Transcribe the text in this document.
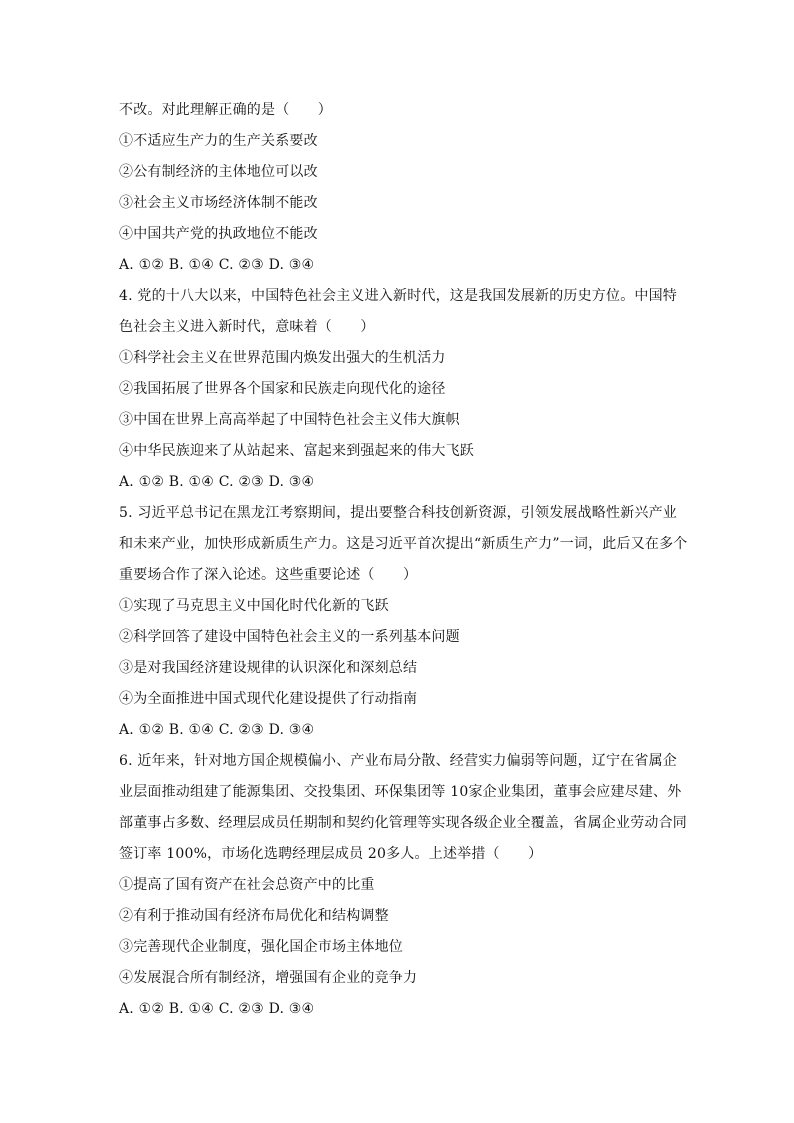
不改。对此理解正确的是（　　）

①不适应生产力的生产关系要改

②公有制经济的主体地位可以改

③社会主义市场经济体制不能改

④中国共产党的执政地位不能改

A. ①② B. ①④ C. ②③ D. ③④

4. 党的十八大以来，中国特色社会主义进入新时代，这是我国发展新的历史方位。中国特

色社会主义进入新时代，意味着（　　）

①科学社会主义在世界范围内焕发出强大的生机活力

②我国拓展了世界各个国家和民族走向现代化的途径

③中国在世界上高高举起了中国特色社会主义伟大旗帜

④中华民族迎来了从站起来、富起来到强起来的伟大飞跃

A. ①② B. ①④ C. ②③ D. ③④

5. 习近平总书记在黑龙江考察期间，提出要整合科技创新资源，引领发展战略性新兴产业

和未来产业，加快形成新质生产力。这是习近平首次提出“新质生产力”一词，此后又在多个

重要场合作了深入论述。这些重要论述（　　）

①实现了马克思主义中国化时代化新的飞跃

②科学回答了建设中国特色社会主义的一系列基本问题

③是对我国经济建设规律的认识深化和深刻总结

④为全面推进中国式现代化建设提供了行动指南

A. ①② B. ①④ C. ②③ D. ③④

6. 近年来，针对地方国企规模偏小、产业布局分散、经营实力偏弱等问题，辽宁在省属企

业层面推动组建了能源集团、交投集团、环保集团等 10家企业集团，董事会应建尽建、外

部董事占多数、经理层成员任期制和契约化管理等实现各级企业全覆盖，省属企业劳动合同

签订率 100%，市场化选聘经理层成员 20多人。上述举措（　　）

①提高了国有资产在社会总资产中的比重

②有利于推动国有经济布局优化和结构调整

③完善现代企业制度，强化国企市场主体地位

④发展混合所有制经济，增强国有企业的竞争力

A. ①② B. ①④ C. ②③ D. ③④
